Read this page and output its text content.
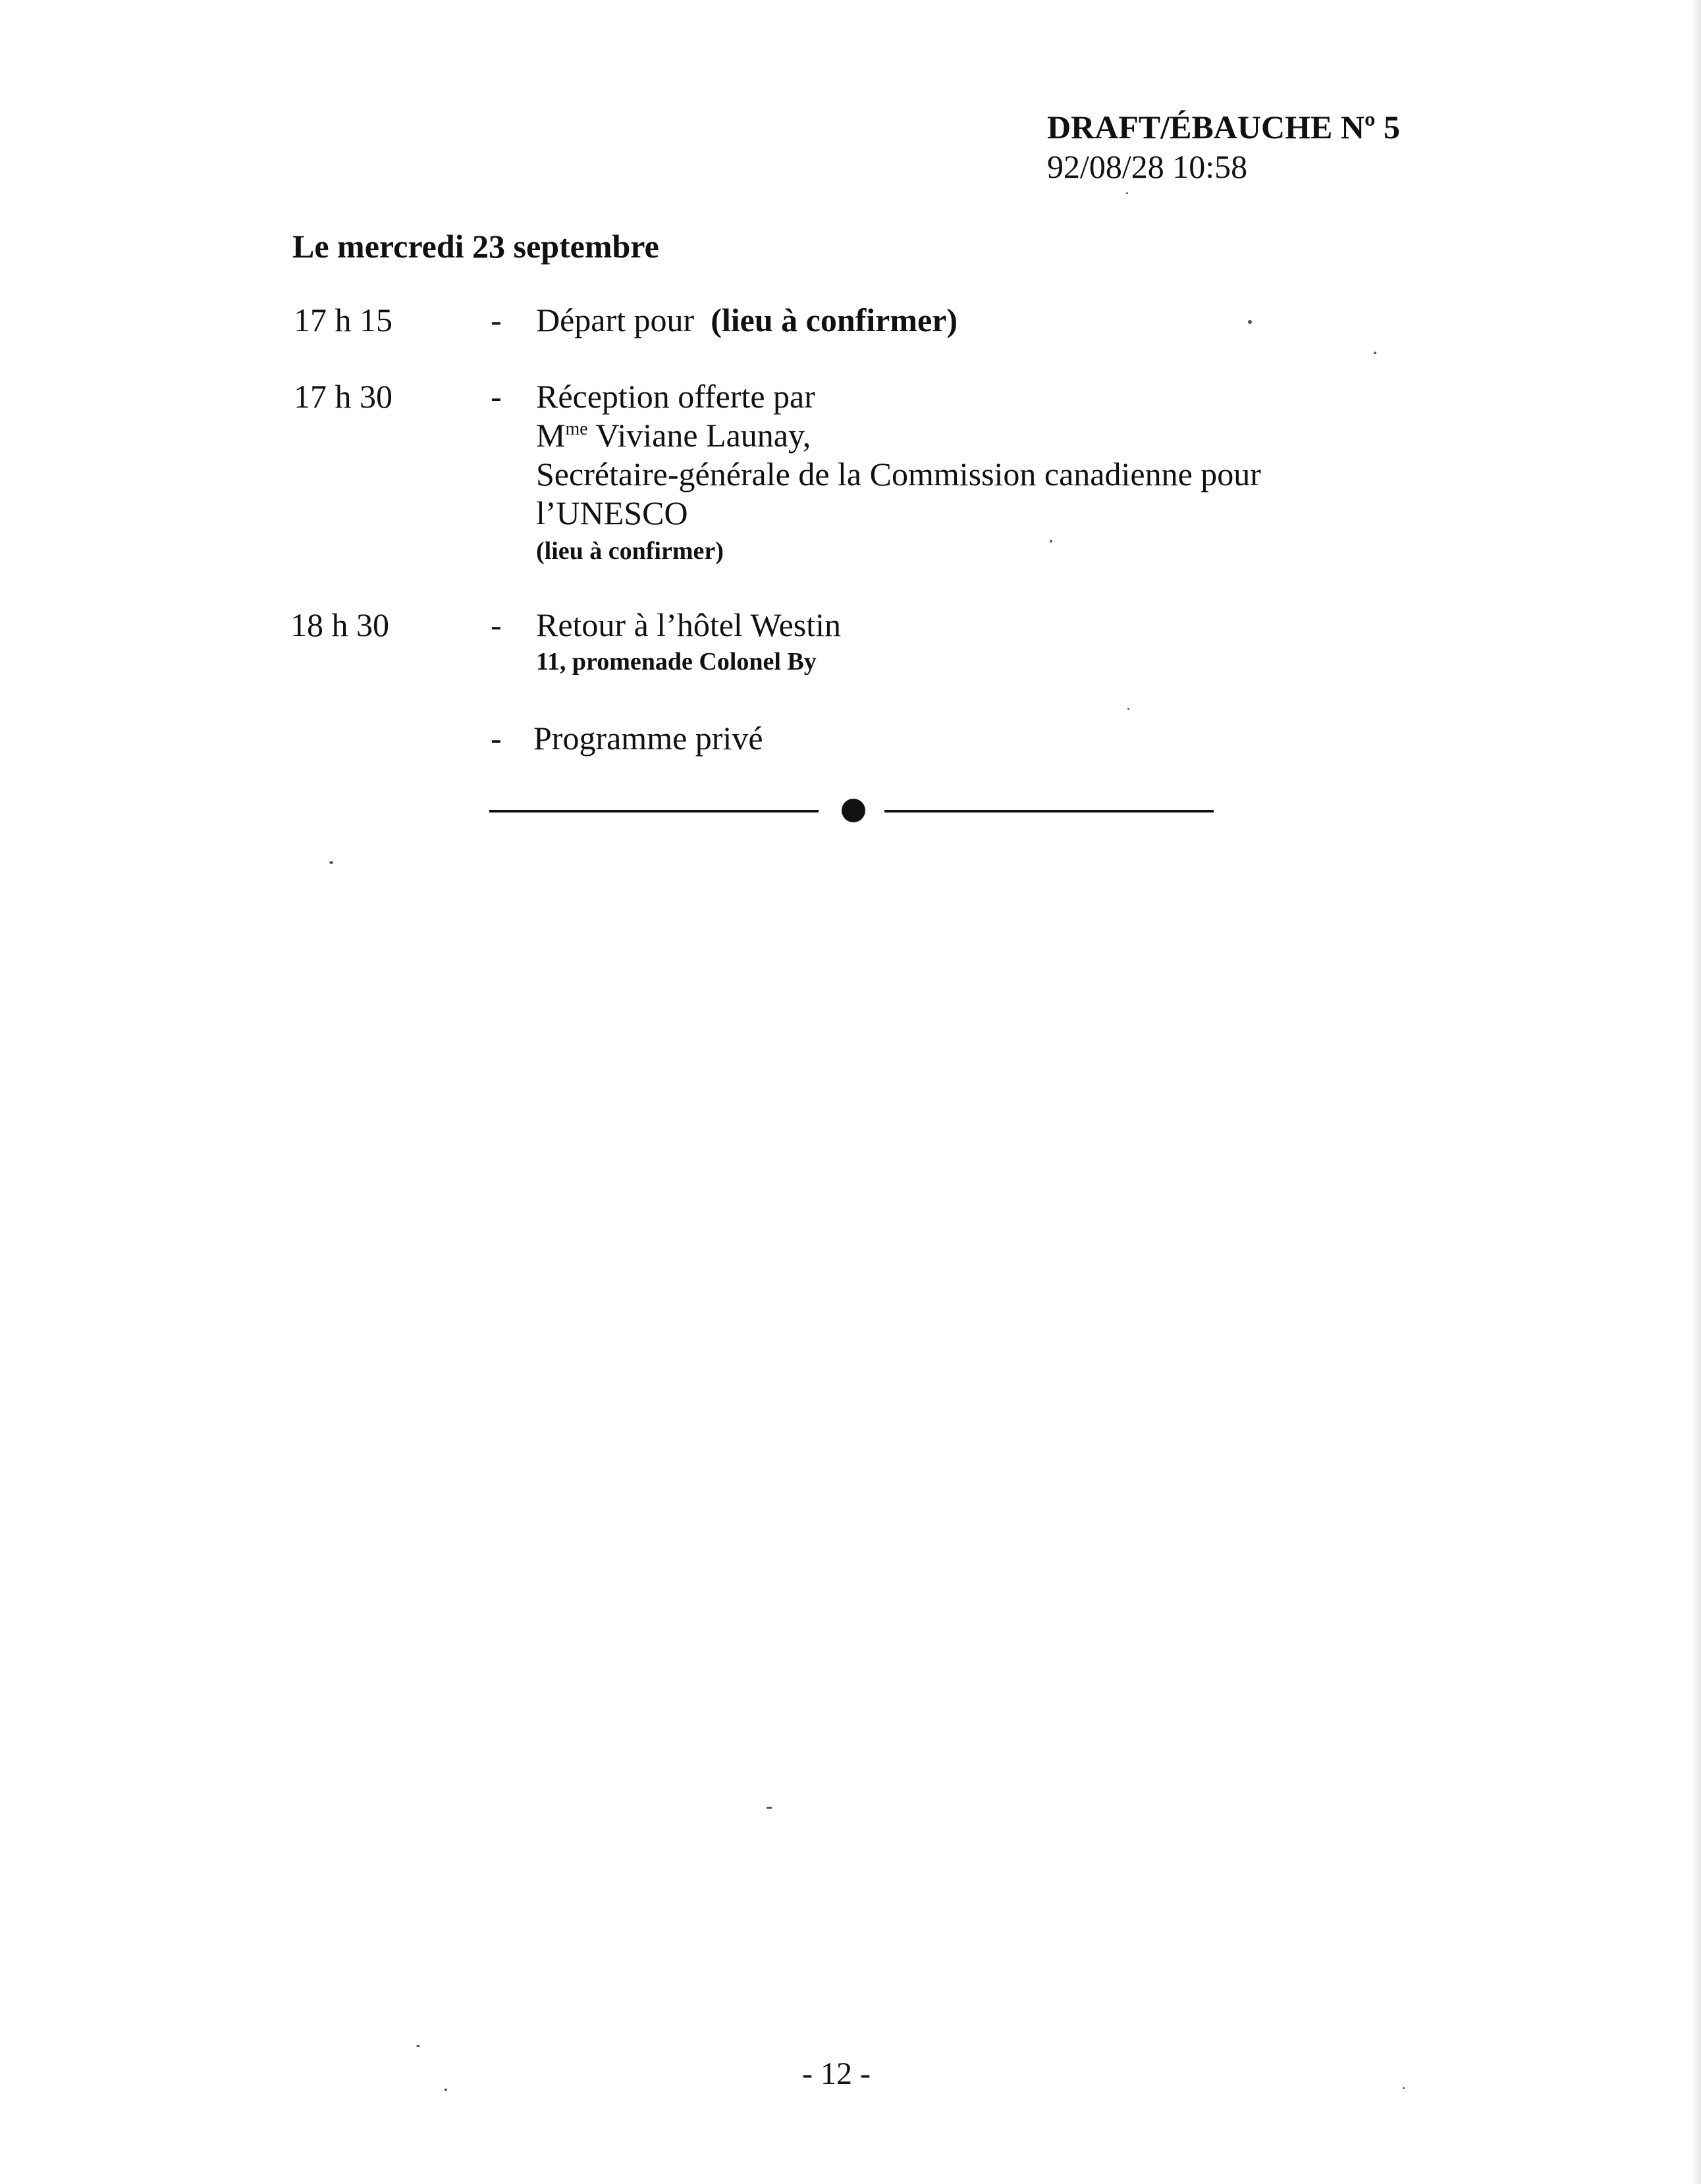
DRAFT/ÉBAUCHE Nº 5
92/08/28 10:58
Le mercredi 23 septembre
17 h 15	- Départ pour (lieu à confirmer)
17 h 30	- Réception offerte par
$M^{me}$ Viviane Launay,
Secrétaire-générale de la Commission canadienne pour
l’UNESCO
(lieu à confirmer)
18 h 30	- Retour à l’hôtel Westin
11, promenade Colonel By
- Programme privé
- 12 -
